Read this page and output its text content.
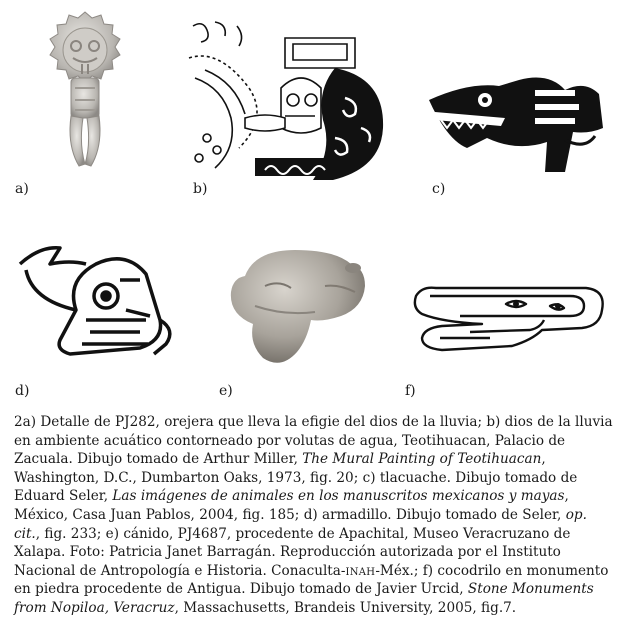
a)	b)	c)
d)	e)	f)

2a) Detalle de PJ282, orejera que lleva la efigie del dios de la lluvia; b) dios de la lluvia en ambiente acuático contorneado por volutas de agua, Teotihuacan, Palacio de Zacuala. Dibujo tomado de Arthur Miller, The Mural Painting of Teotihuacan, Washington, D.C., Dumbarton Oaks, 1973, fig. 20; c) tlacuache. Dibujo tomado de Eduard Seler, Las imágenes de animales en los manuscritos mexicanos y mayas, México, Casa Juan Pablos, 2004, fig. 185; d) armadillo. Dibujo tomado de Seler, op. cit., fig. 233; e) cánido, PJ4687, procedente de Apachital, Museo Veracruzano de Xalapa. Foto: Patricia Janet Barragán. Reproducción autorizada por el Instituto Nacional de Antropología e Historia. Conaculta-inah-Méx.; f) cocodrilo en monumento en piedra procedente de Antigua. Dibujo tomado de Javier Urcid, Stone Monuments from Nopiloa, Veracruz, Massachusetts, Brandeis University, 2005, fig.7.
